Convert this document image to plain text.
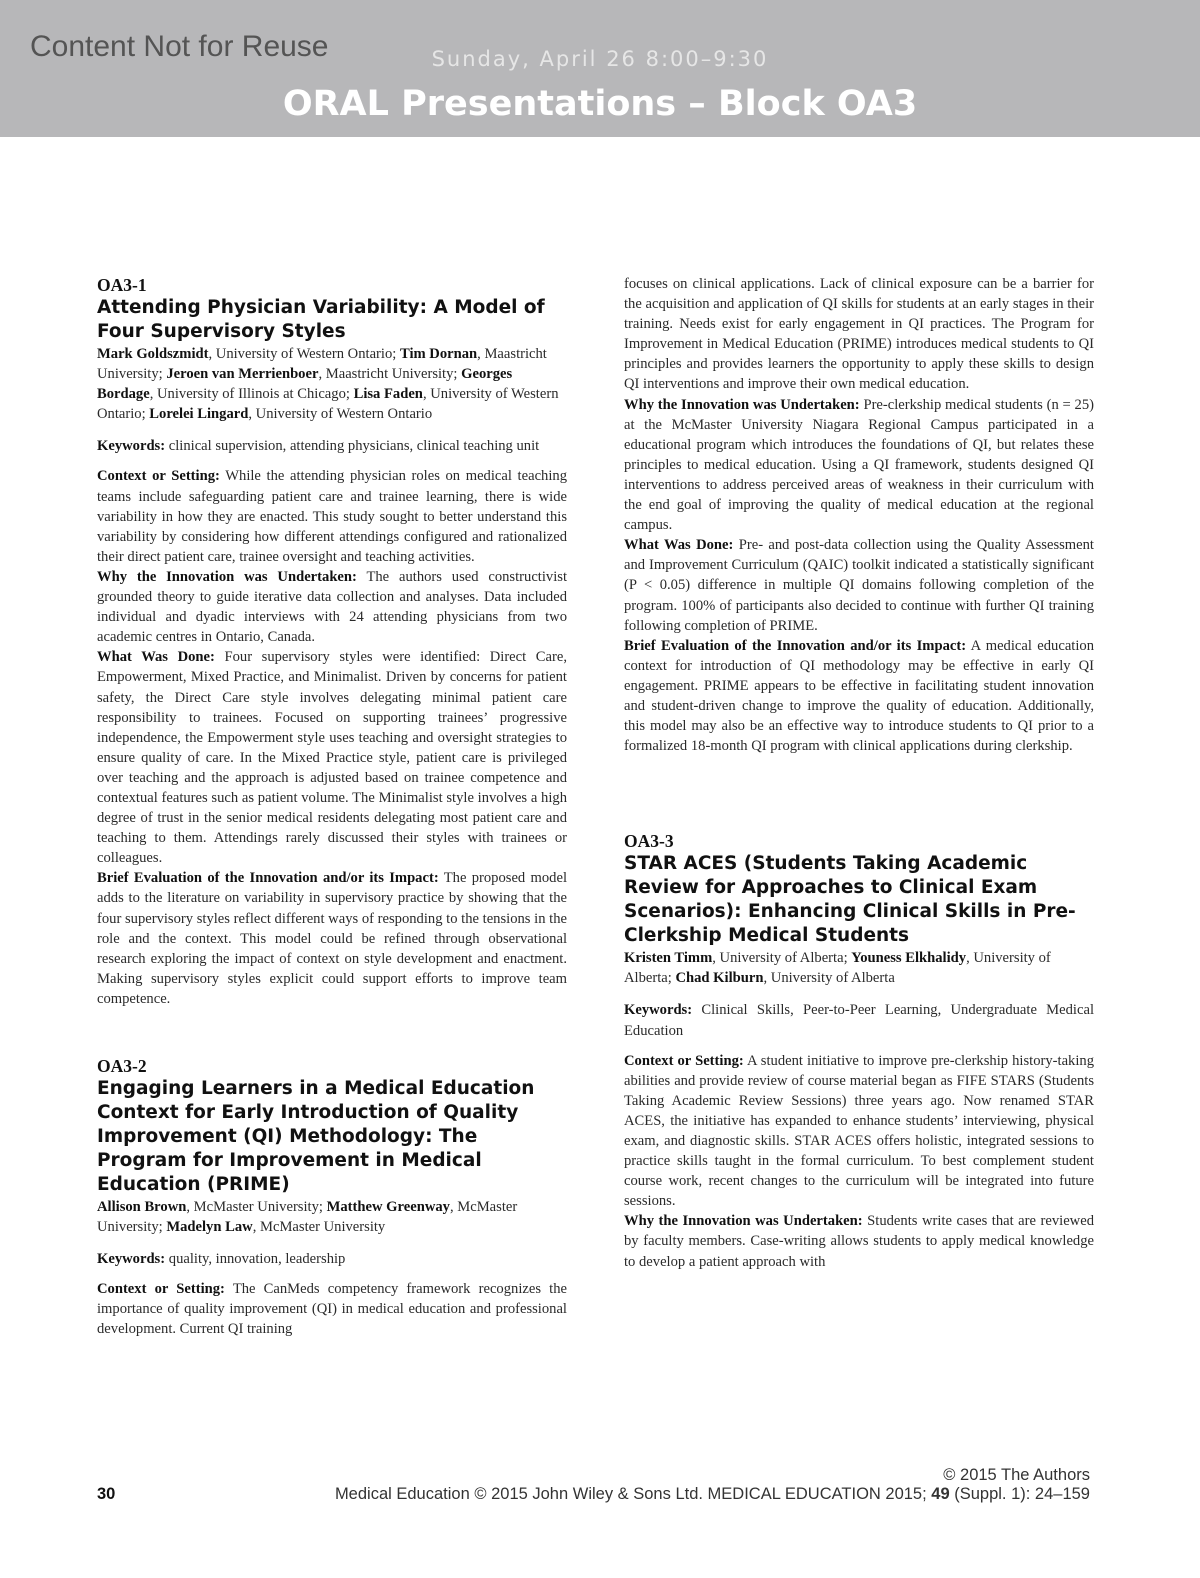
Content Not for Reuse	Sunday, April 26 8:00–9:30
ORAL Presentations – Block OA3
OA3-1
Attending Physician Variability: A Model of Four Supervisory Styles
Mark Goldszmidt, University of Western Ontario; Tim Dornan, Maastricht University; Jeroen van Merrienboer, Maastricht University; Georges Bordage, University of Illinois at Chicago; Lisa Faden, University of Western Ontario; Lorelei Lingard, University of Western Ontario

Keywords: clinical supervision, attending physicians, clinical teaching unit

Context or Setting: While the attending physician roles on medical teaching teams include safeguarding patient care and trainee learning, there is wide variability in how they are enacted. This study sought to better understand this variability by considering how different attendings configured and rationalized their direct patient care, trainee oversight and teaching activities.

Why the Innovation was Undertaken: The authors used constructivist grounded theory to guide iterative data collection and analyses. Data included individual and dyadic interviews with 24 attending physicians from two academic centres in Ontario, Canada.

What Was Done: Four supervisory styles were identified: Direct Care, Empowerment, Mixed Practice, and Minimalist. Driven by concerns for patient safety, the Direct Care style involves delegating minimal patient care responsibility to trainees. Focused on supporting trainees’ progressive independence, the Empowerment style uses teaching and oversight strategies to ensure quality of care. In the Mixed Practice style, patient care is privileged over teaching and the approach is adjusted based on trainee competence and contextual features such as patient volume. The Minimalist style involves a high degree of trust in the senior medical residents delegating most patient care and teaching to them. Attendings rarely discussed their styles with trainees or colleagues.

Brief Evaluation of the Innovation and/or its Impact: The proposed model adds to the literature on variability in supervisory practice by showing that the four supervisory styles reflect different ways of responding to the tensions in the role and the context. This model could be refined through observational research exploring the impact of context on style development and enactment. Making supervisory styles explicit could support efforts to improve team competence.

OA3-2
Engaging Learners in a Medical Education Context for Early Introduction of Quality Improvement (QI) Methodology: The Program for Improvement in Medical Education (PRIME)
Allison Brown, McMaster University; Matthew Greenway, McMaster University; Madelyn Law, McMaster University

Keywords: quality, innovation, leadership

Context or Setting: The CanMeds competency framework recognizes the importance of quality improvement (QI) in medical education and professional development. Current QI training

focuses on clinical applications. Lack of clinical exposure can be a barrier for the acquisition and application of QI skills for students at an early stages in their training. Needs exist for early engagement in QI practices. The Program for Improvement in Medical Education (PRIME) introduces medical students to QI principles and provides learners the opportunity to apply these skills to design QI interventions and improve their own medical education.

Why the Innovation was Undertaken: Pre-clerkship medical students (n = 25) at the McMaster University Niagara Regional Campus participated in a educational program which introduces the foundations of QI, but relates these principles to medical education. Using a QI framework, students designed QI interventions to address perceived areas of weakness in their curriculum with the end goal of improving the quality of medical education at the regional campus.

What Was Done: Pre- and post-data collection using the Quality Assessment and Improvement Curriculum (QAIC) toolkit indicated a statistically significant (P < 0.05) difference in multiple QI domains following completion of the program. 100% of participants also decided to continue with further QI training following completion of PRIME.

Brief Evaluation of the Innovation and/or its Impact: A medical education context for introduction of QI methodology may be effective in early QI engagement. PRIME appears to be effective in facilitating student innovation and student-driven change to improve the quality of education. Additionally, this model may also be an effective way to introduce students to QI prior to a formalized 18-month QI program with clinical applications during clerkship.

OA3-3
STAR ACES (Students Taking Academic Review for Approaches to Clinical Exam Scenarios): Enhancing Clinical Skills in Pre-Clerkship Medical Students
Kristen Timm, University of Alberta; Youness Elkhalidy, University of Alberta; Chad Kilburn, University of Alberta

Keywords: Clinical Skills, Peer-to-Peer Learning, Undergraduate Medical Education

Context or Setting: A student initiative to improve pre-clerkship history-taking abilities and provide review of course material began as FIFE STARS (Students Taking Academic Review Sessions) three years ago. Now renamed STAR ACES, the initiative has expanded to enhance students’ interviewing, physical exam, and diagnostic skills. STAR ACES offers holistic, integrated sessions to practice skills taught in the formal curriculum. To best complement student course work, recent changes to the curriculum will be integrated into future sessions.

Why the Innovation was Undertaken: Students write cases that are reviewed by faculty members. Case-writing allows students to apply medical knowledge to develop a patient approach with

© 2015 The Authors
30	Medical Education © 2015 John Wiley & Sons Ltd. MEDICAL EDUCATION 2015; 49 (Suppl. 1): 24–159
